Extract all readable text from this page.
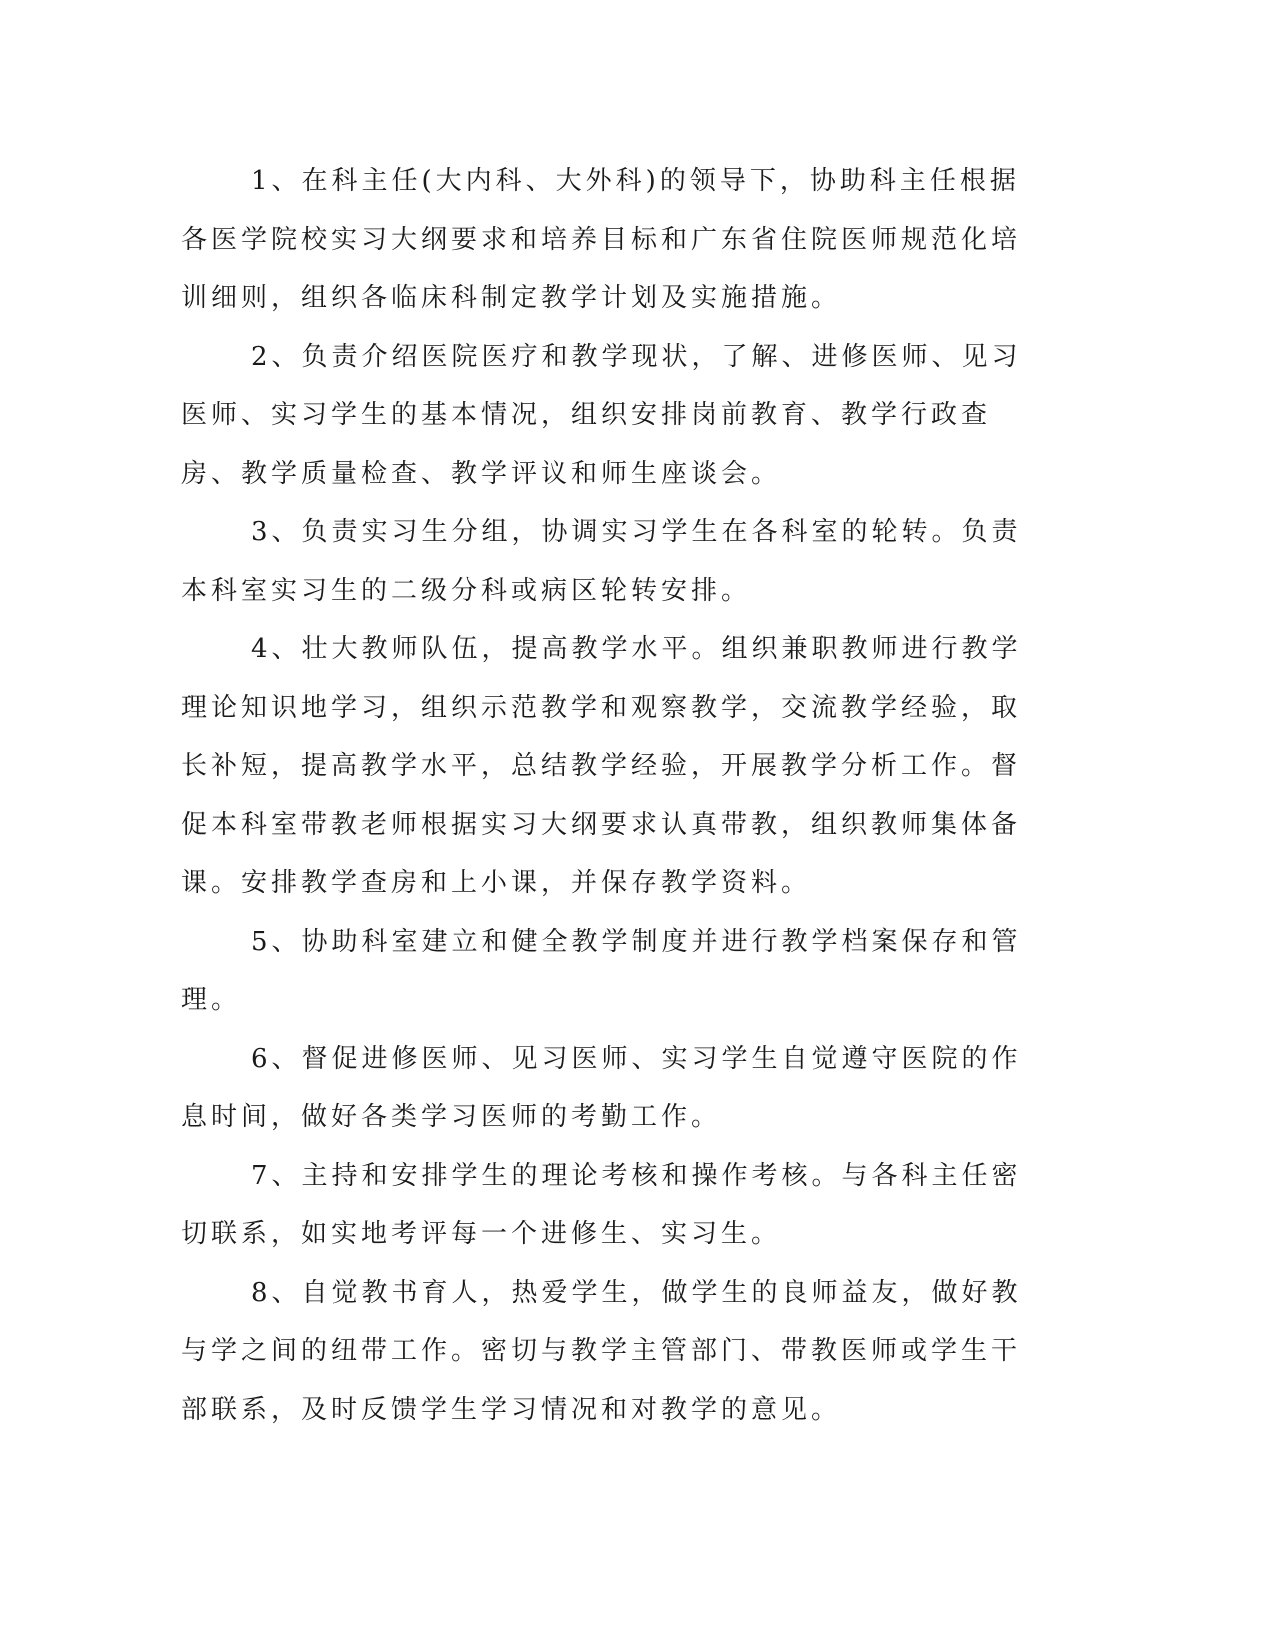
1、在科主任(大内科、大外科)的领导下，协助科主任根据各医学院校实习大纲要求和培养目标和广东省住院医师规范化培训细则，组织各临床科制定教学计划及实施措施。

2、负责介绍医院医疗和教学现状，了解、进修医师、见习医师、实习学生的基本情况，组织安排岗前教育、教学行政查房、教学质量检查、教学评议和师生座谈会。

3、负责实习生分组，协调实习学生在各科室的轮转。负责本科室实习生的二级分科或病区轮转安排。

4、壮大教师队伍，提高教学水平。组织兼职教师进行教学理论知识地学习，组织示范教学和观察教学，交流教学经验，取长补短，提高教学水平，总结教学经验，开展教学分析工作。督促本科室带教老师根据实习大纲要求认真带教，组织教师集体备课。安排教学查房和上小课，并保存教学资料。

5、协助科室建立和健全教学制度并进行教学档案保存和管理。

6、督促进修医师、见习医师、实习学生自觉遵守医院的作息时间，做好各类学习医师的考勤工作。

7、主持和安排学生的理论考核和操作考核。与各科主任密切联系，如实地考评每一个进修生、实习生。

8、自觉教书育人，热爱学生，做学生的良师益友，做好教与学之间的纽带工作。密切与教学主管部门、带教医师或学生干部联系，及时反馈学生学习情况和对教学的意见。
